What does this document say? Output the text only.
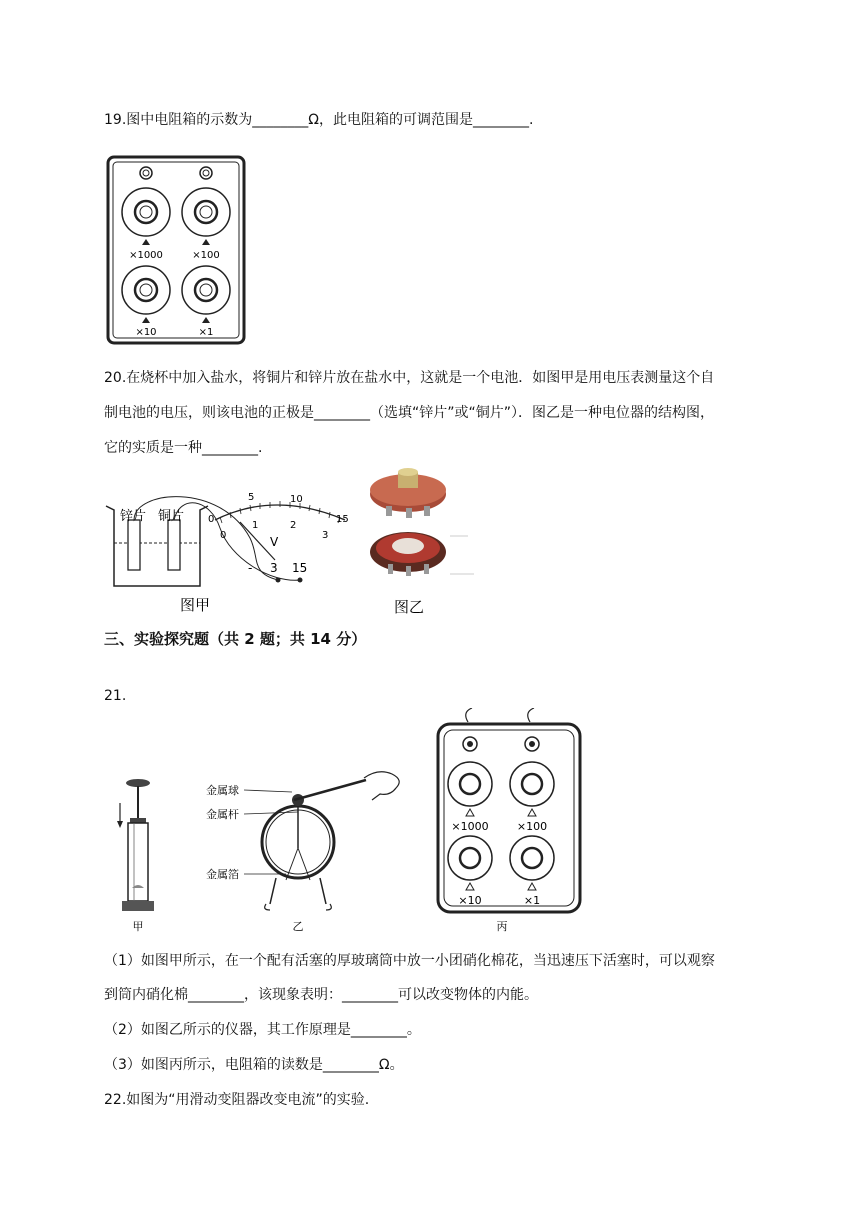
19.图中电阻箱的示数为________Ω，此电阻箱的可调范围是________.
×1000	×100
×10	×1
20.在烧杯中加入盐水，将铜片和锌片放在盐水中，这就是一个电池．如图甲是用电压表测量这个自
制电池的电压，则该电池的正极是________（选填“锌片”或“铜片”）．图乙是一种电位器的结构图，
它的实质是一种________.
锌片 铜片 0
5	10
15
0
1	2
3
V
- 3 15
图甲	图乙
三、实验探究题（共 2 题；共 14 分）
21.
甲
金属球
金属杆
金属箔
乙
×1000	×100
×10	×1
丙
（1）如图甲所示，在一个配有活塞的厚玻璃筒中放一小团硝化棉花，当迅速压下活塞时，可以观察
到筒内硝化棉________，该现象表明：________可以改变物体的内能。
（2）如图乙所示的仪器，其工作原理是________。
（3）如图丙所示，电阻箱的读数是________Ω。
22.如图为“用滑动变阻器改变电流”的实验.
